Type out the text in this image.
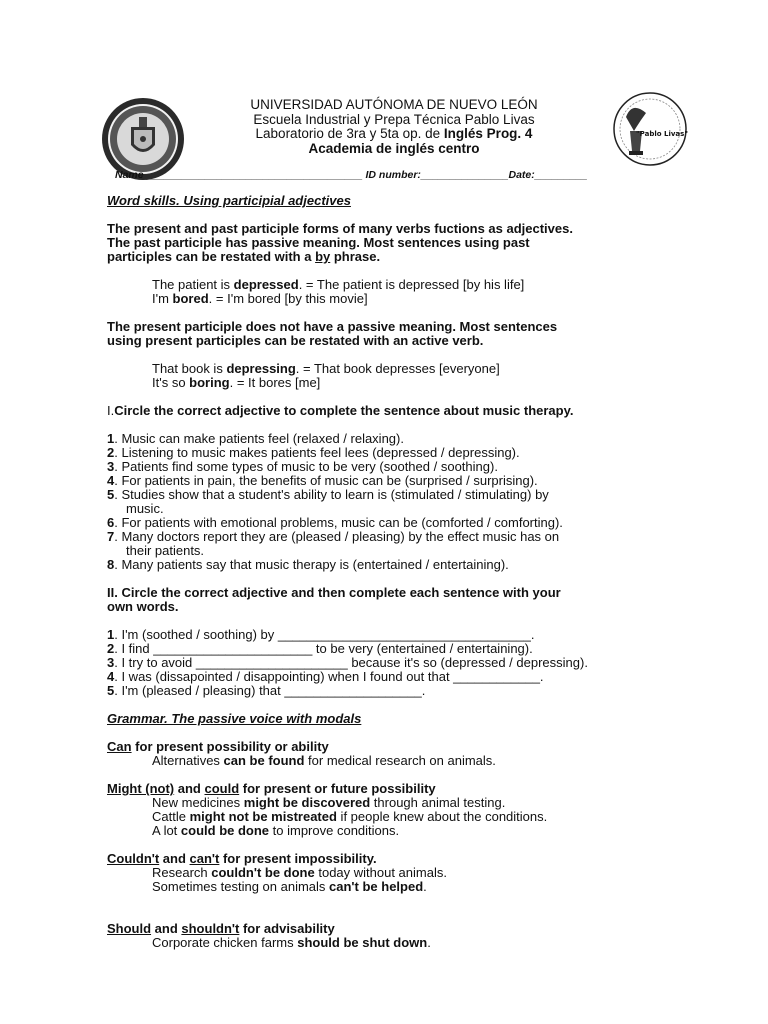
"Pablo Livas"
UNIVERSIDAD AUTÓNOMA DE NUEVO LEÓN
Escuela Industrial y Prepa Técnica Pablo Livas
Laboratorio de 3ra y 5ta op. de Inglés Prog. 4
Academia de inglés centro
Name _____________________________________ ID number:_______________Date:_________
Word skills. Using participial adjectives
The present and past participle forms of many verbs fuctions as adjectives.
The past participle has passive meaning. Most sentences using past
participles can be restated with a by phrase.
The patient is depressed. = The patient is depressed [by his life]
I'm bored. = I'm bored [by this movie]
The present participle does not have a passive meaning. Most sentences
using present participles can be restated with an active verb.
That book is depressing. = That book depresses [everyone]
It's so boring. = It bores [me]
I.Circle the correct adjective to complete the sentence about music therapy.
1. Music can make patients feel (relaxed / relaxing).
2. Listening to music makes patients feel lees (depressed / depressing).
3. Patients find some types of music to be very (soothed / soothing).
4. For patients in pain, the benefits of music can be (surprised / surprising).
5. Studies show that a student's ability to learn is (stimulated / stimulating) by
music.
6. For patients with emotional problems, music can be (comforted / comforting).
7. Many doctors report they are (pleased / pleasing) by the effect music has on
their patients.
8. Many patients say that music therapy is (entertained / entertaining).
II. Circle the correct adjective and then complete each sentence with your
own words.
1. I'm (soothed / soothing) by ___________________________________.
2. I find ______________________ to be very (entertained / entertaining).
3. I try to avoid _____________________ because it's so (depressed / depressing).
4. I was (dissapointed / disappointing) when I found out that ____________.
5. I'm (pleased / pleasing) that ___________________.
Grammar. The passive voice with modals
Can for present possibility or ability
Alternatives can be found for medical research on animals.
Might (not) and could for present or future possibility
New medicines might be discovered through animal testing.
Cattle might not be mistreated if people knew about the conditions.
A lot could be done to improve conditions.
Couldn't and can't for present impossibility.
Research couldn't be done today without animals.
Sometimes testing on animals can't be helped.
Should and shouldn't for advisability
Corporate chicken farms should be shut down.
